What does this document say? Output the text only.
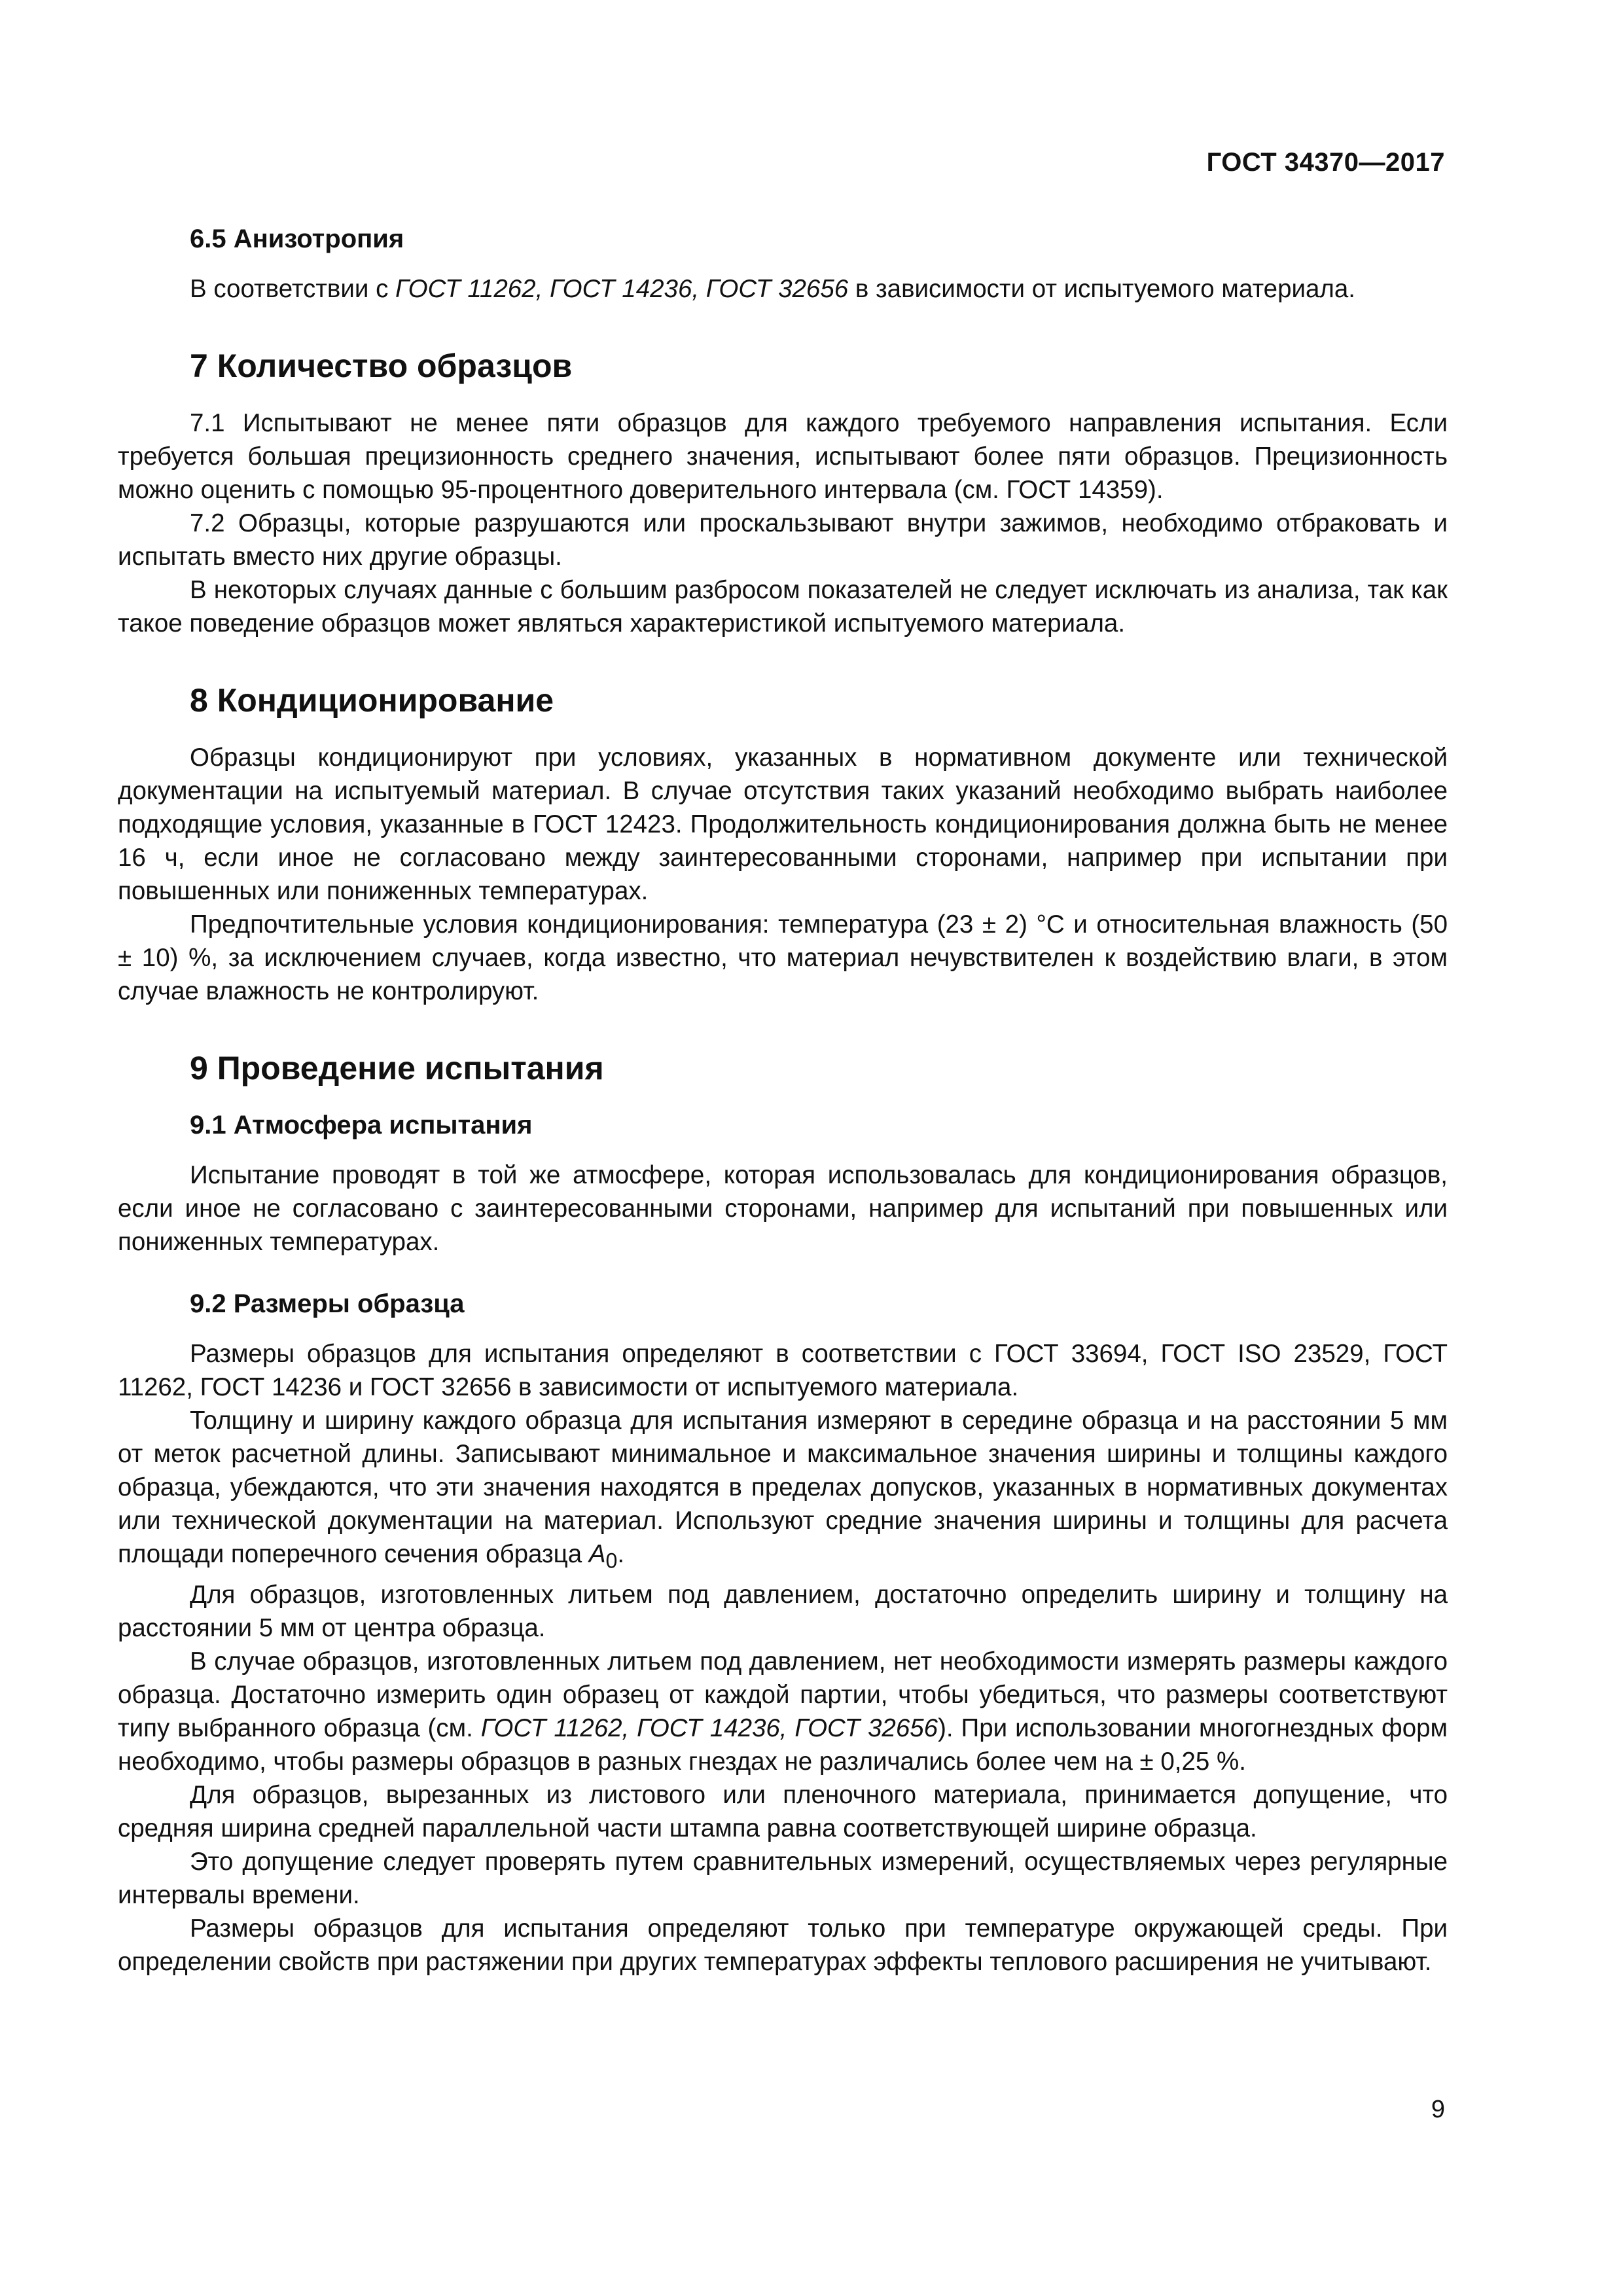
ГОСТ 34370—2017
6.5 Анизотропия

В соответствии с ГОСТ 11262, ГОСТ 14236, ГОСТ 32656 в зависимости от испытуемого материала.

7 Количество образцов

7.1 Испытывают не менее пяти образцов для каждого требуемого направления испытания. Если требуется большая прецизионность среднего значения, испытывают более пяти образцов. Прецизионность можно оценить с помощью 95-процентного доверительного интервала (см. ГОСТ 14359).

7.2 Образцы, которые разрушаются или проскальзывают внутри зажимов, необходимо отбраковать и испытать вместо них другие образцы.

В некоторых случаях данные с большим разбросом показателей не следует исключать из анализа, так как такое поведение образцов может являться характеристикой испытуемого материала.

8 Кондиционирование

Образцы кондиционируют при условиях, указанных в нормативном документе или технической документации на испытуемый материал. В случае отсутствия таких указаний необходимо выбрать наиболее подходящие условия, указанные в ГОСТ 12423. Продолжительность кондиционирования должна быть не менее 16 ч, если иное не согласовано между заинтересованными сторонами, например при испытании при повышенных или пониженных температурах.

Предпочтительные условия кондиционирования: температура (23 ± 2) °С и относительная влажность (50 ± 10) %, за исключением случаев, когда известно, что материал нечувствителен к воздействию влаги, в этом случае влажность не контролируют.

9 Проведение испытания
9.1 Атмосфера испытания

Испытание проводят в той же атмосфере, которая использовалась для кондиционирования образцов, если иное не согласовано с заинтересованными сторонами, например для испытаний при повышенных или пониженных температурах.

9.2 Размеры образца

Размеры образцов для испытания определяют в соответствии с ГОСТ 33694, ГОСТ ISO 23529, ГОСТ 11262, ГОСТ 14236 и ГОСТ 32656 в зависимости от испытуемого материала.

Толщину и ширину каждого образца для испытания измеряют в середине образца и на расстоянии 5 мм от меток расчетной длины. Записывают минимальное и максимальное значения ширины и толщины каждого образца, убеждаются, что эти значения находятся в пределах допусков, указанных в нормативных документах или технической документации на материал. Используют средние значения ширины и толщины для расчета площади поперечного сечения образца $A_0$.

Для образцов, изготовленных литьем под давлением, достаточно определить ширину и толщину на расстоянии 5 мм от центра образца.

В случае образцов, изготовленных литьем под давлением, нет необходимости измерять размеры каждого образца. Достаточно измерить один образец от каждой партии, чтобы убедиться, что размеры соответствуют типу выбранного образца (см. ГОСТ 11262, ГОСТ 14236, ГОСТ 32656). При использовании многогнездных форм необходимо, чтобы размеры образцов в разных гнездах не различались более чем на ± 0,25 %.

Для образцов, вырезанных из листового или пленочного материала, принимается допущение, что средняя ширина средней параллельной части штампа равна соответствующей ширине образца.

Это допущение следует проверять путем сравнительных измерений, осуществляемых через регулярные интервалы времени.

Размеры образцов для испытания определяют только при температуре окружающей среды. При определении свойств при растяжении при других температурах эффекты теплового расширения не учитывают.

9
